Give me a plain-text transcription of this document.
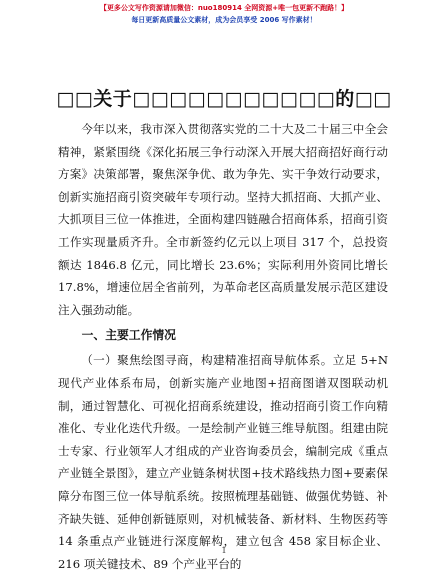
【更多公文写作资源请加微信：nuo180914 全网资源+唯一包更新不跑路！】
每日更新高质量公文素材，成为会员享受 2006 写作素材！
□□关于□□□□□□□□□□□的□□

今年以来，我市深入贯彻落实党的二十大及二十届三中全会精神，紧紧围绕《深化拓展三争行动深入开展大招商招好商行动方案》决策部署，聚焦深争优、敢为争先、实干争效行动要求，创新实施招商引资突破年专项行动。坚持大抓招商、大抓产业、大抓项目三位一体推进，全面构建四链融合招商体系，招商引资工作实现量质齐升。全市新签约亿元以上项目 317 个，总投资额达 1846.8 亿元，同比增长 23.6%；实际利用外资同比增长 17.8%，增速位居全省前列，为革命老区高质量发展示范区建设注入强劲动能。

一、主要工作情况

（一）聚焦绘图寻商，构建精准招商导航体系。立足 5+N 现代产业体系布局，创新实施产业地图+招商图谱双图联动机制，通过智慧化、可视化招商系统建设，推动招商引资工作向精准化、专业化迭代升级。一是绘制产业链三维导航图。组建由院士专家、行业领军人才组成的产业咨询委员会，编制完成《重点产业链全景图》，建立产业链条树状图+技术路线热力图+要素保障分布图三位一体导航系统。按照梳理基础链、做强优势链、补齐缺失链、延伸创新链原则，对机械装备、新材料、生物医药等 14 条重点产业链进行深度解构，建立包含 458 家目标企业、216 项关键技术、89 个产业平台的

1
